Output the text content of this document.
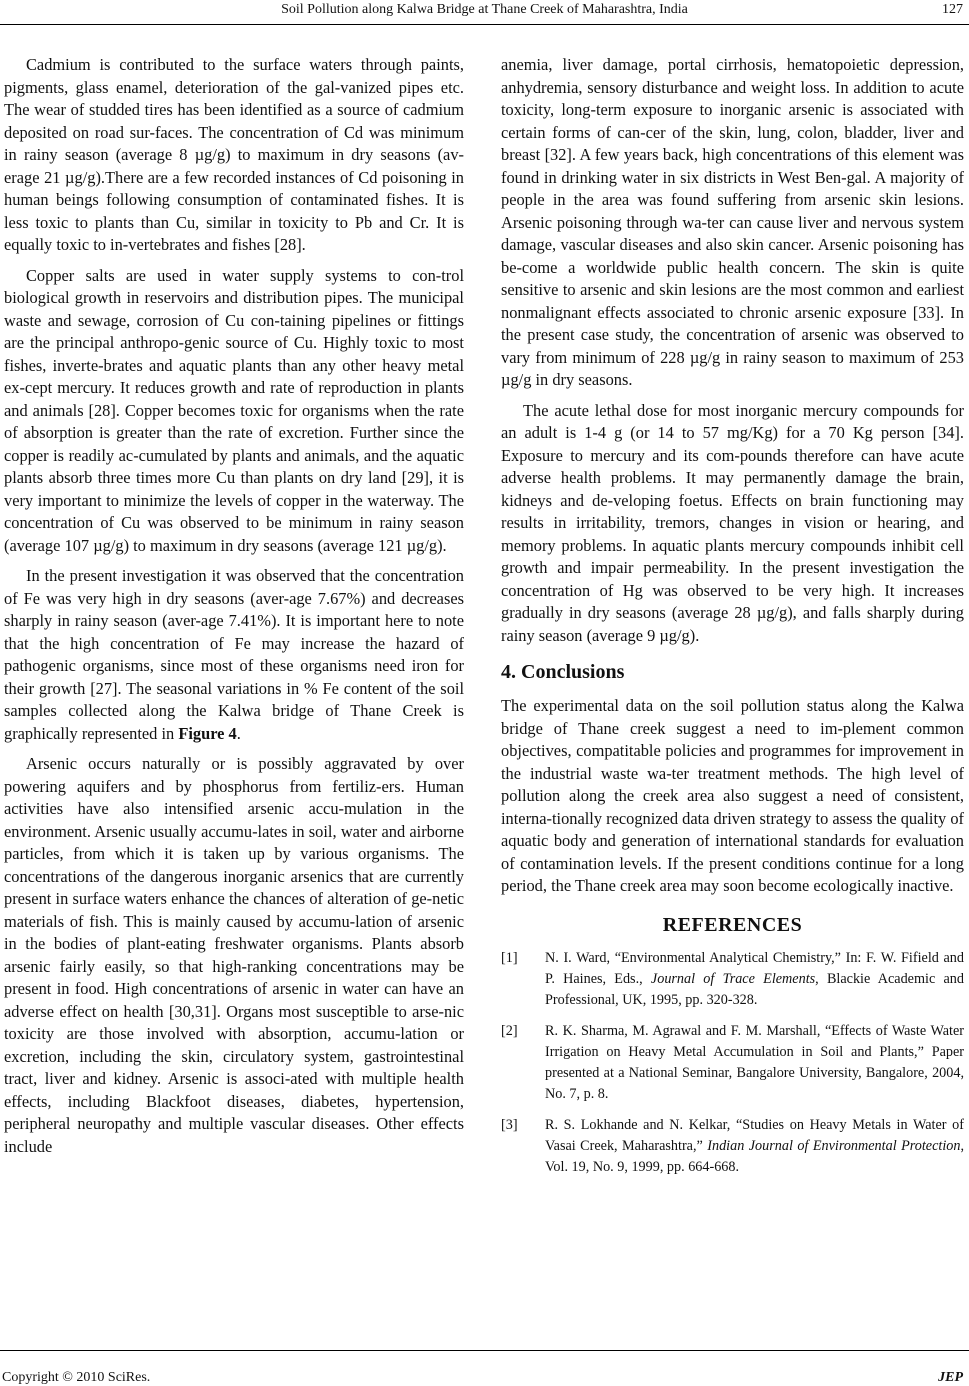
Soil Pollution along Kalwa Bridge at Thane Creek of Maharashtra, India	127

Cadmium is contributed to the surface waters through paints, pigments, glass enamel, deterioration of the gal-vanized pipes etc. The wear of studded tires has been identified as a source of cadmium deposited on road sur-faces. The concentration of Cd was minimum in rainy season (average 8 µg/g) to maximum in dry seasons (av-erage 21 µg/g).There are a few recorded instances of Cd poisoning in human beings following consumption of contaminated fishes. It is less toxic to plants than Cu, similar in toxicity to Pb and Cr. It is equally toxic to in-vertebrates and fishes [28].

Copper salts are used in water supply systems to con-trol biological growth in reservoirs and distribution pipes. The municipal waste and sewage, corrosion of Cu con-taining pipelines or fittings are the principal anthropo-genic source of Cu. Highly toxic to most fishes, inverte-brates and aquatic plants than any other heavy metal ex-cept mercury. It reduces growth and rate of reproduction in plants and animals [28]. Copper becomes toxic for organisms when the rate of absorption is greater than the rate of excretion. Further since the copper is readily ac-cumulated by plants and animals, and the aquatic plants absorb three times more Cu than plants on dry land [29], it is very important to minimize the levels of copper in the waterway. The concentration of Cu was observed to be minimum in rainy season (average 107 µg/g) to maximum in dry seasons (average 121 µg/g).

In the present investigation it was observed that the concentration of Fe was very high in dry seasons (aver-age 7.67%) and decreases sharply in rainy season (aver-age 7.41%). It is important here to note that the high concentration of Fe may increase the hazard of pathogenic organisms, since most of these organisms need iron for their growth [27]. The seasonal variations in % Fe content of the soil samples collected along the Kalwa bridge of Thane Creek is graphically represented in Figure 4.

Arsenic occurs naturally or is possibly aggravated by over powering aquifers and by phosphorus from fertiliz-ers. Human activities have also intensified arsenic accu-mulation in the environment. Arsenic usually accumu-lates in soil, water and airborne particles, from which it is taken up by various organisms. The concentrations of the dangerous inorganic arsenics that are currently present in surface waters enhance the chances of alteration of ge-netic materials of fish. This is mainly caused by accumu-lation of arsenic in the bodies of plant-eating freshwater organisms. Plants absorb arsenic fairly easily, so that high-ranking concentrations may be present in food. High concentrations of arsenic in water can have an adverse effect on health [30,31]. Organs most susceptible to arse-nic toxicity are those involved with absorption, accumu-lation or excretion, including the skin, circulatory system, gastrointestinal tract, liver and kidney. Arsenic is associ-ated with multiple health effects, including Blackfoot diseases, diabetes, hypertension, peripheral neuropathy and multiple vascular diseases. Other effects include

anemia, liver damage, portal cirrhosis, hematopoietic depression, anhydremia, sensory disturbance and weight loss. In addition to acute toxicity, long-term exposure to inorganic arsenic is associated with certain forms of can-cer of the skin, lung, colon, bladder, liver and breast [32]. A few years back, high concentrations of this element was found in drinking water in six districts in West Ben-gal. A majority of people in the area was found suffering from arsenic skin lesions. Arsenic poisoning through wa-ter can cause liver and nervous system damage, vascular diseases and also skin cancer. Arsenic poisoning has be-come a worldwide public health concern. The skin is quite sensitive to arsenic and skin lesions are the most common and earliest nonmalignant effects associated to chronic arsenic exposure [33]. In the present case study, the concentration of arsenic was observed to vary from minimum of 228 µg/g in rainy season to maximum of 253 µg/g in dry seasons.

The acute lethal dose for most inorganic mercury compounds for an adult is 1-4 g (or 14 to 57 mg/Kg) for a 70 Kg person [34]. Exposure to mercury and its com-pounds therefore can have acute adverse health problems. It may permanently damage the brain, kidneys and de-veloping foetus. Effects on brain functioning may results in irritability, tremors, changes in vision or hearing, and memory problems. In aquatic plants mercury compounds inhibit cell growth and impair permeability. In the present investigation the concentration of Hg was observed to be very high. It increases gradually in dry seasons (average 28 µg/g), and falls sharply during rainy season (average 9 µg/g).

4. Conclusions

The experimental data on the soil pollution status along the Kalwa bridge of Thane creek suggest a need to im-plement common objectives, compatitable policies and programmes for improvement in the industrial waste wa-ter treatment methods. The high level of pollution along the creek area also suggest a need of consistent, interna-tionally recognized data driven strategy to assess the quality of aquatic body and generation of international standards for evaluation of contamination levels. If the present conditions continue for a long period, the Thane creek area may soon become ecologically inactive.

REFERENCES
[1]	N. I. Ward, “Environmental Analytical Chemistry,” In: F. W. Fifield and P. Haines, Eds., Journal of Trace Elements, Blackie Academic and Professional, UK, 1995, pp. 320-328.
[2]	R. K. Sharma, M. Agrawal and F. M. Marshall, “Effects of Waste Water Irrigation on Heavy Metal Accumulation in Soil and Plants,” Paper presented at a National Seminar, Bangalore University, Bangalore, 2004, No. 7, p. 8.
[3]	R. S. Lokhande and N. Kelkar, “Studies on Heavy Metals in Water of Vasai Creek, Maharashtra,” Indian Journal of Environmental Protection, Vol. 19, No. 9, 1999, pp. 664-668.
Copyright © 2010 SciRes.	JEP
